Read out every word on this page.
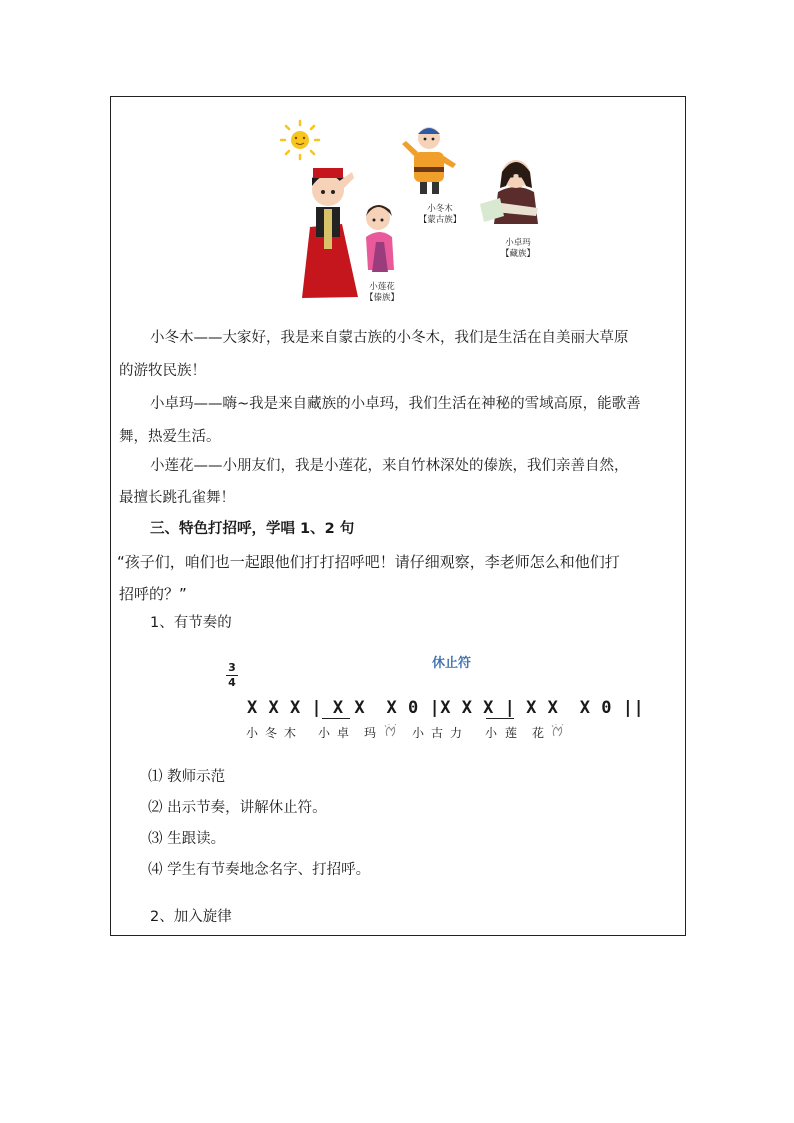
小冬木
【蒙古族】
小卓玛
【藏族】
小莲花
【傣族】
小冬木——大家好，我是来自蒙古族的小冬木，我们是生活在自美丽大草原
的游牧民族！
小卓玛——嗨~我是来自藏族的小卓玛，我们生活在神秘的雪域高原，能歌善
舞，热爱生活。
小莲花——小朋友们，我是小莲花，来自竹林深处的傣族，我们亲善自然，
最擅长跳孔雀舞！
三、特色打招呼，学唱 1、2 句
“孩子们，咱们也一起跟他们打打招呼吧！请仔细观察，李老师怎么和他们打
招呼的？”
1、有节奏的
3
4
休止符
X X X | X X  X 0 |X X X | X X  X 0 ||
小 冬 木 小 卓 玛	小 古 力 小 莲 花
⑴ 教师示范
⑵ 出示节奏，讲解休止符。
⑶ 生跟读。
⑷ 学生有节奏地念名字、打招呼。
2、加入旋律
